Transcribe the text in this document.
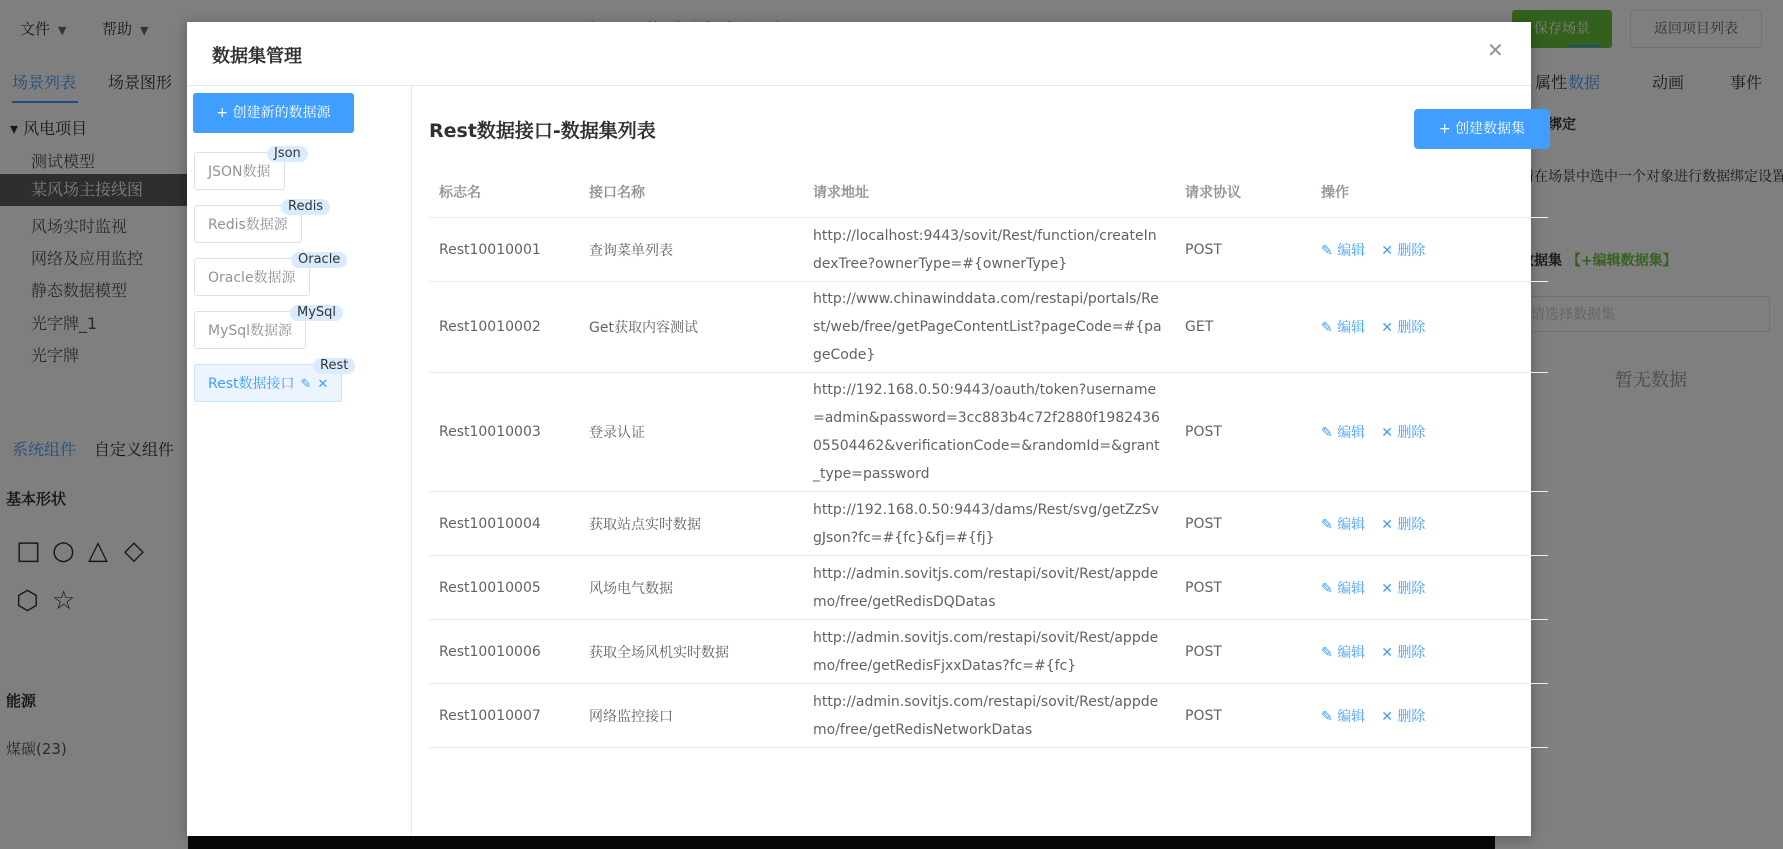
数据集管理	✕
+ 创建新的数据源
JSON数据
Json
Redis数据源
Redis
Oracle数据源
Oracle
MySql数据源
MySql
Rest数据接口 ✎ ✕
Rest
Rest数据接口-数据集列表	+ 创建数据集
标志名	接口名称	请求地址	请求协议	操作
Rest10010001	查询菜单列表	http://localhost:9443/sovit/Rest/function/createIndexTree?ownerType=#{ownerType}	POST	✎ 编辑 ✕ 删除
Rest10010002	Get获取内容测试	http://www.chinawinddata.com/restapi/portals/Rest/web/free/getPageContentList?pageCode=#{pageCode}	GET	✎ 编辑 ✕ 删除
Rest10010003	登录认证	http://192.168.0.50:9443/oauth/token?username=admin&password=3cc883b4c72f2880f198243605504462&verificationCode=&randomId=&grant_type=password	POST	✎ 编辑 ✕ 删除
Rest10010004	获取站点实时数据	http://192.168.0.50:9443/dams/Rest/svg/getZzSvgJson?fc=#{fc}&fj=#{fj}	POST	✎ 编辑 ✕ 删除
Rest10010005	风场电气数据	http://admin.sovitjs.com/restapi/sovit/Rest/appdemo/free/getRedisDQDatas	POST	✎ 编辑 ✕ 删除
Rest10010006	获取全场风机实时数据	http://admin.sovitjs.com/restapi/sovit/Rest/appdemo/free/getRedisFjxxDatas?fc=#{fc}	POST	✎ 编辑 ✕ 删除
Rest10010007	网络监控接口	http://admin.sovitjs.com/restapi/sovit/Rest/appdemo/free/getRedisNetworkDatas	POST	✎ 编辑 ✕ 删除
